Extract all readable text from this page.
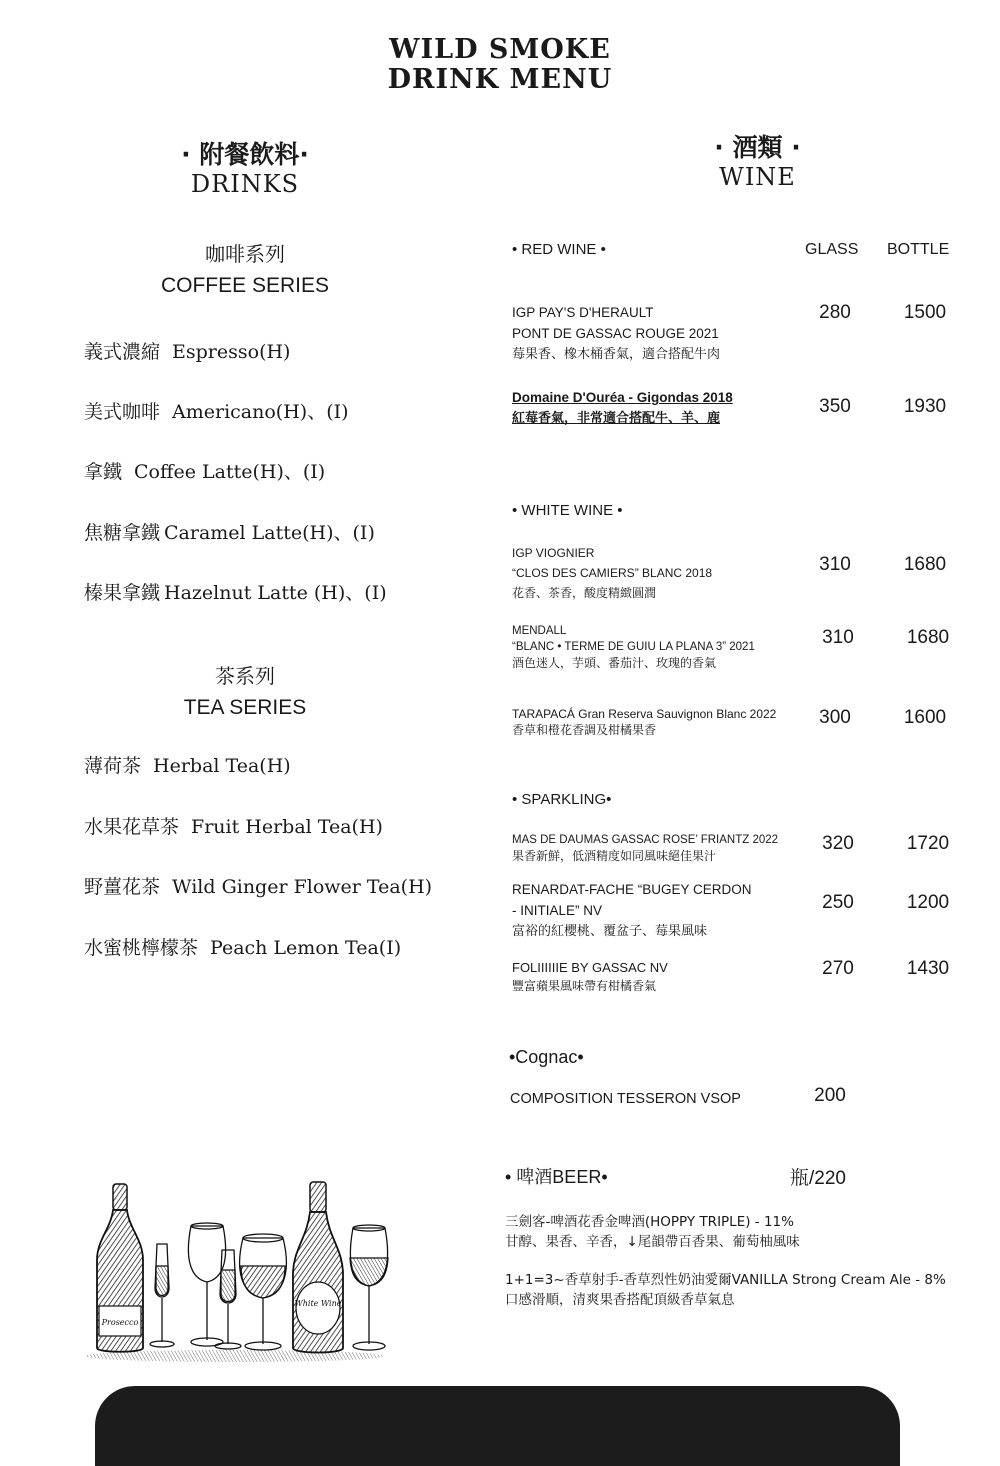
WILD SMOKE
DRINK MENU
· 附餐飲料·
DRINKS
咖啡系列
COFFEE SERIES
義式濃縮 Espresso(H)
美式咖啡 Americano(H)、(I)
拿鐵 Coffee Latte(H)、(I)
焦糖拿鐵 Caramel Latte(H)、(I)
榛果拿鐵 Hazelnut Latte (H)、(I)
茶系列
TEA SERIES
薄荷茶 Herbal Tea(H)
水果花草茶 Fruit Herbal Tea(H)
野薑花茶 Wild Ginger Flower Tea(H)
水蜜桃檸檬茶 Peach Lemon Tea(I)
· 酒類 ·
WINE
• RED WINE •	GLASS BOTTLE
IGP PAY'S D'HERAULT
PONT DE GASSAC ROUGE 2021
莓果香、橡木桶香氣，適合搭配牛肉
280	1500
Domaine D'Ouréa - Gigondas 2018
紅莓香氣，非常適合搭配牛、羊、鹿
350	1930
• WHITE WINE •
IGP VIOGNIER
“CLOS DES CAMIERS” BLANC 2018
花香、茶香，酸度精緻圓潤
310	1680
MENDALL
“BLANC • TERME DE GUIU LA PLANA 3” 2021
酒色迷人，芋頭、番茄汁、玫瑰的香氣
310	1680
TARAPACÁ Gran Reserva Sauvignon Blanc 2022
香草和橙花香調及柑橘果香
300	1600
• SPARKLING•
MAS DE DAUMAS GASSAC ROSE’ FRIANTZ 2022
果香新鮮，低酒精度如同風味絕佳果汁
320	1720
RENARDAT-FACHE “BUGEY CERDON
- INITIALE” NV
富裕的紅櫻桃、覆盆子、莓果風味
250	1200
FOLIIIIIIE BY GASSAC NV
豐富蘋果風味帶有柑橘香氣
270	1430
•Cognac•
COMPOSITION TESSERON VSOP	200
• 啤酒BEER•	瓶/220
三劍客-啤酒花香金啤酒(HOPPY TRIPLE) - 11%
甘醇、果香、辛香，↓尾韻帶百香果、葡萄柚風味
1+1=3~香草射手-香草烈性奶油愛爾VANILLA Strong Cream Ale - 8%
口感滑順，清爽果香搭配頂級香草氣息
Prosecco
White Wine
